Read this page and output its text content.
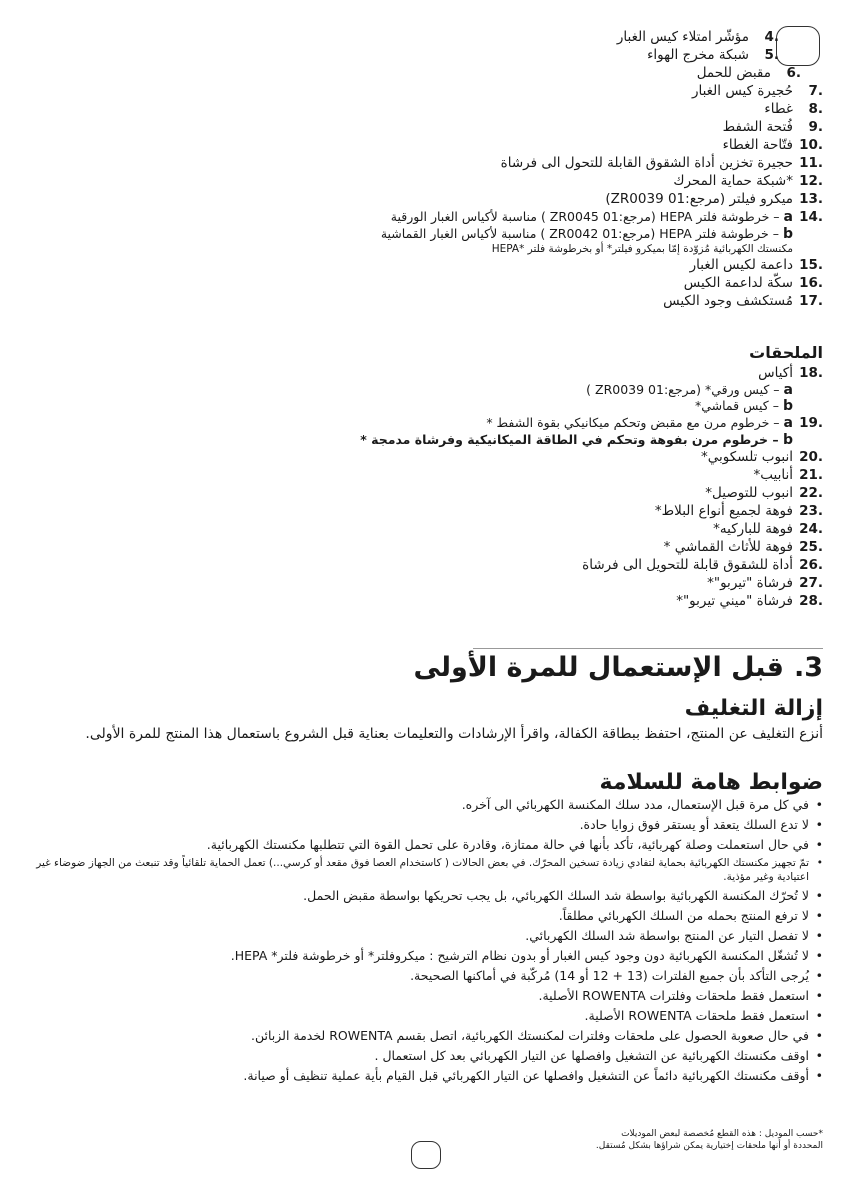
4.
مؤشّر امتلاء كيس الغبار
5.
شبكة مخرج الهواء
6.
مقبض للحمل
7.
حُجيرة كيس الغبار
8.
غطاء
9.
فُتحة الشفط
10.
فتّاحة الغطاء
11.
حجيرة تخزين أداة الشقوق القابلة للتحول الى فرشاة
12.
*شبكة حماية المحرك
13.
ميكرو فيلتر (مرجع:ZR0039 01)
14.
a – خرطوشة فلتر HEPA (مرجع:ZR0045 01 ) مناسبة لأكياس الغبار الورقية
b – خرطوشة فلتر HEPA (مرجع:ZR0042 01 ) مناسبة لأكياس الغبار القماشية
مكنستك الكهربائية مُزوّدة إمّا بميكرو فيلتر* أو بخرطوشة فلتر *HEPA
15.
داعمة لكيس الغبار
16.
سكّة لداعمة الكيس
17.
مُستكشف وجود الكيس
الملحقات
18.
أكياس
a – كيس ورقي* (مرجع:ZR0039 01 )
b – كيس قماشي*
19.
a – خرطوم مرن مع مقبض وتحكم ميكانيكي بقوة الشفط *
b – خرطوم مرن بفوهة وتحكم في الطاقة الميكانيكية وفرشاة مدمجة *
20.
انبوب تلسكوبي*
21.
أنابيب*
22.
انبوب للتوصيل*
23.
فوهة لجميع أنواع البلاط*
24.
فوهة للباركيه*
25.
فوهة للأثاث القماشي *
26.
أداة للشقوق قابلة للتحويل الى فرشاة
27.
فرشاة "تيربو"*
28.
فرشاة "ميني تيربو"*
3.قبل الإستعمال للمرة الأولى
إزالة التغليف
أنزع التغليف عن المنتج، احتفظ ببطاقة الكفالة، واقرأ الإرشادات والتعليمات بعناية قبل الشروع باستعمال هذا المنتج للمرة الأولى.
ضوابط هامة للسلامة
• في كل مرة قبل الإستعمال، مدد سلك المكنسة الكهربائي الى آخره.
• لا تدع السلك يتعقد أو يستقر فوق زوايا حادة.
• في حال استعملت وصلة كهربائية، تأكد بأنها في حالة ممتازة، وقادرة على تحمل القوة التي تتطلبها مكنستك الكهربائية.
• تمّ تجهيز مكنستك الكهربائية بحماية لتفادي زيادة تسخين المحرّك. في بعض الحالات ( كاستخدام العصا فوق مقعد أو كرسي...) تعمل الحماية تلقائياً وقد تنبعث من الجهاز ضوضاء غير اعتيادية وغير مؤذية.
• لا تُحرّك المكنسة الكهربائية بواسطة شد السلك الكهربائي، بل يجب تحريكها بواسطة مقبض الحمل.
• لا ترفع المنتج بحمله من السلك الكهربائي مطلقاً.
• لا تفصل التيار عن المنتج بواسطة شد السلك الكهربائي.
• لا تُشغّل المكنسة الكهربائية دون وجود كيس الغبار أو بدون نظام الترشيح : ميكروفلتر* أو خرطوشة فلتر* HEPA.
• يُرجى التأكد بأن جميع الفلترات (13 + 12 أو 14) مُركّبة في أماكنها الصحيحة.
• استعمل فقط ملحقات وفلترات ROWENTA الأصلية.
• استعمل فقط ملحقات ROWENTA الأصلية.
• في حال صعوبة الحصول على ملحقات وفلترات لمكنستك الكهربائية، اتصل بقسم ROWENTA لخدمة الزبائن.
• اوقف مكنستك الكهربائية عن التشغيل وافصلها عن التيار الكهربائي بعد كل استعمال .
• أوقف مكنستك الكهربائية دائماً عن التشغيل وافصلها عن التيار الكهربائي قبل القيام بأية عملية تنظيف أو صيانة.
*حسب الموديل : هذه القطع مُخصصة لبعض الموديلات
المحددة أو أنها ملحقات إختيارية يمكن شراؤها بشكل مُستقل.
